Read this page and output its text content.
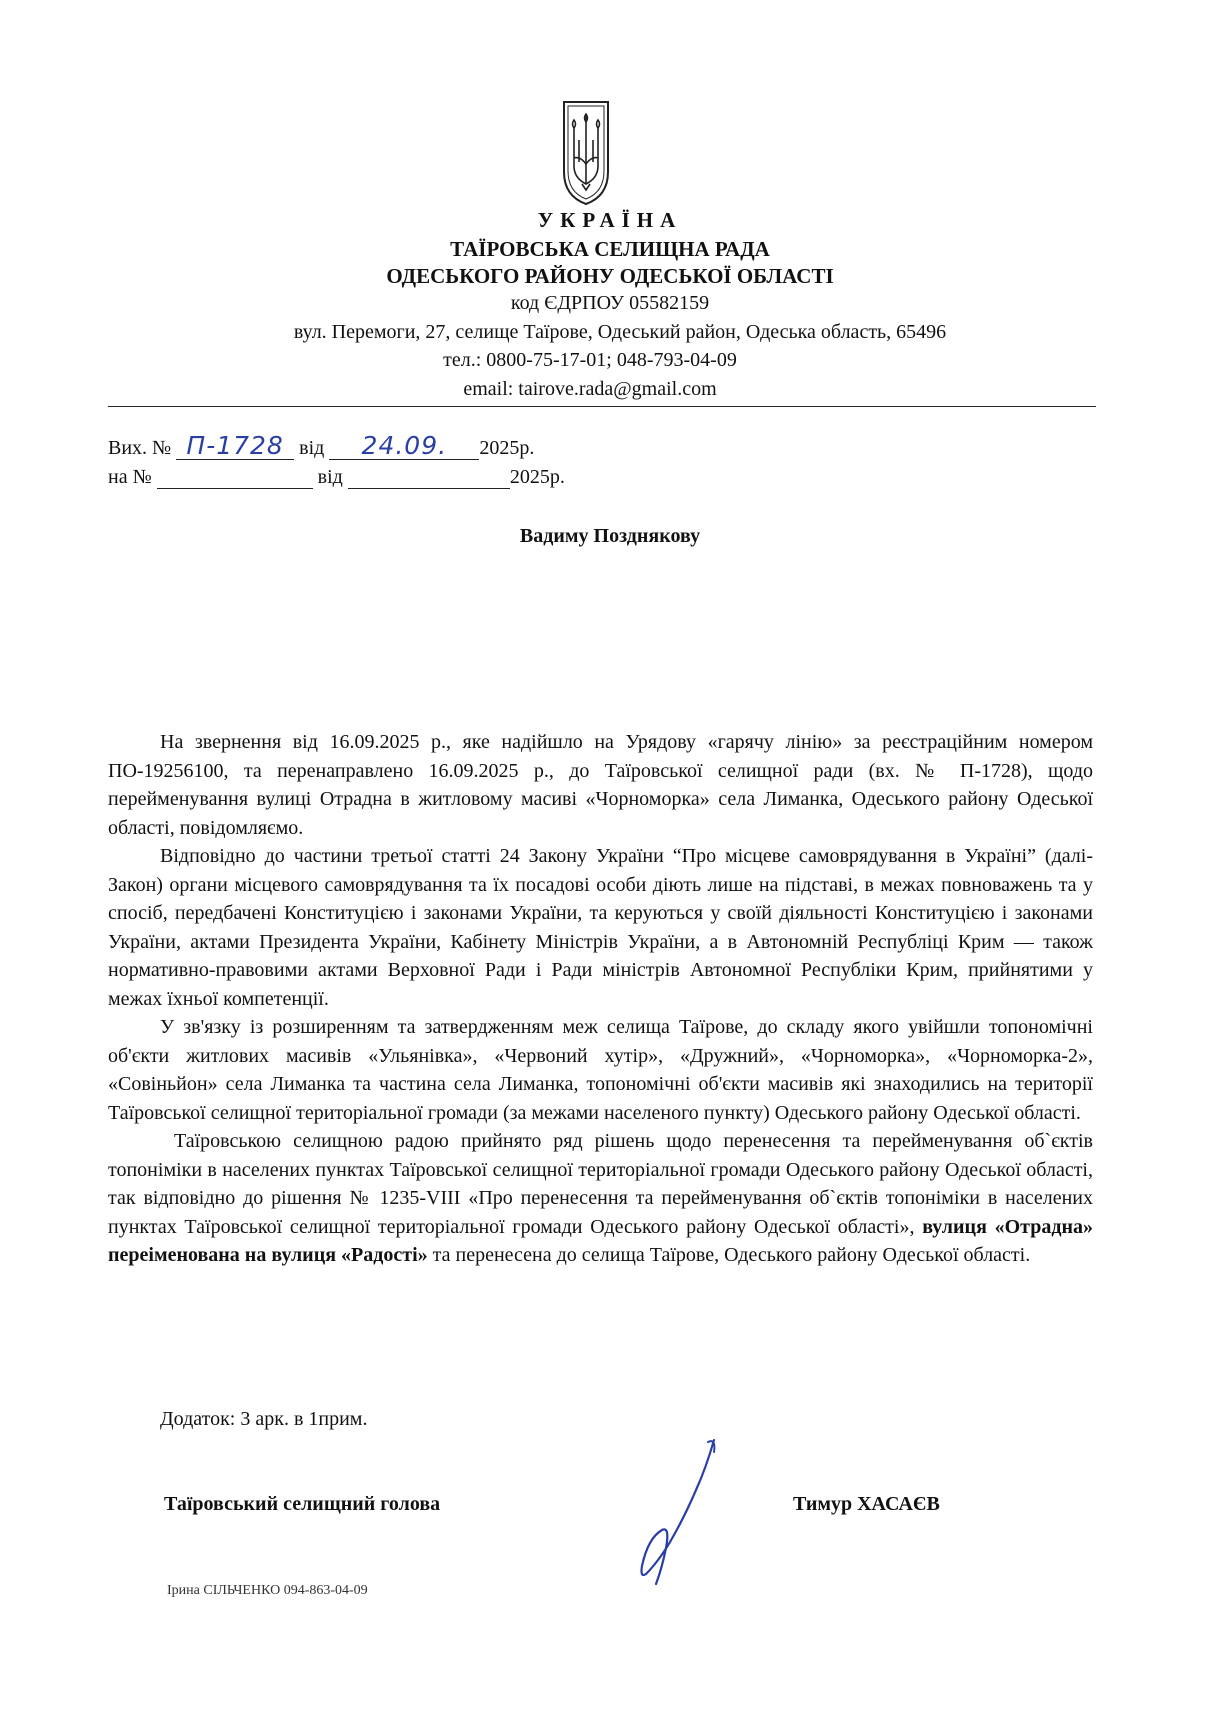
УКРАЇНА
ТАЇРОВСЬКА СЕЛИЩНА РАДА
ОДЕСЬКОГО РАЙОНУ ОДЕСЬКОЇ ОБЛАСТІ
код ЄДРПОУ 05582159
вул. Перемоги, 27, селище Таїрове, Одеський район, Одеська область, 65496
тел.: 0800-75-17-01; 048-793-04-09
email: tairove.rada@gmail.com
Вих. № П-1728 від	24.09.	2025р.
на №	від	2025р.
Вадиму Позднякову

На звернення від 16.09.2025 р., яке надійшло на Урядову «гарячу лінію» за реєстраційним номером ПО-19256100, та перенаправлено 16.09.2025 р., до Таїровської селищної ради (вх. № П-1728), щодо перейменування вулиці Отрадна в житловому масиві «Чорноморка» села Лиманка, Одеського району Одеської області, повідомляємо.

Відповідно до частини третьої статті 24 Закону України “Про місцеве самоврядування в Україні” (далі- Закон) органи місцевого самоврядування та їх посадові особи діють лише на підставі, в межах повноважень та у спосіб, передбачені Конституцією і законами України, та керуються у своїй діяльності Конституцією і законами України, актами Президента України, Кабінету Міністрів України, а в Автономній Республіці Крим — також нормативно-правовими актами Верховної Ради і Ради міністрів Автономної Республіки Крим, прийнятими у межах їхньої компетенції.

У зв'язку із розширенням та затвердженням меж селища Таїрове, до складу якого увійшли топономічні об'єкти житлових масивів «Ульянівка», «Червоний хутір», «Дружний», «Чорноморка», «Чорноморка-2», «Совіньйон» села Лиманка та частина села Лиманка, топономічні об'єкти масивів які знаходились на території Таїровської селищної територіальної громади (за межами населеного пункту) Одеського району Одеської області.

Таїровською селищною радою прийнято ряд рішень щодо перенесення та перейменування об`єктів топоніміки в населених пунктах Таїровської селищної територіальної громади Одеського району Одеської області, так відповідно до рішення № 1235-VIII «Про перенесення та перейменування об`єктів топоніміки в населених пунктах Таїровської селищної територіальної громади Одеського району Одеської області», вулиця «Отрадна» переіменована на вулиця «Радості» та перенесена до селища Таїрове, Одеського району Одеської області.

Додаток: 3 арк. в 1прим.
Таїровський селищний голова	Тимур ХАСАЄВ
Ірина СІЛЬЧЕНКО 094-863-04-09
